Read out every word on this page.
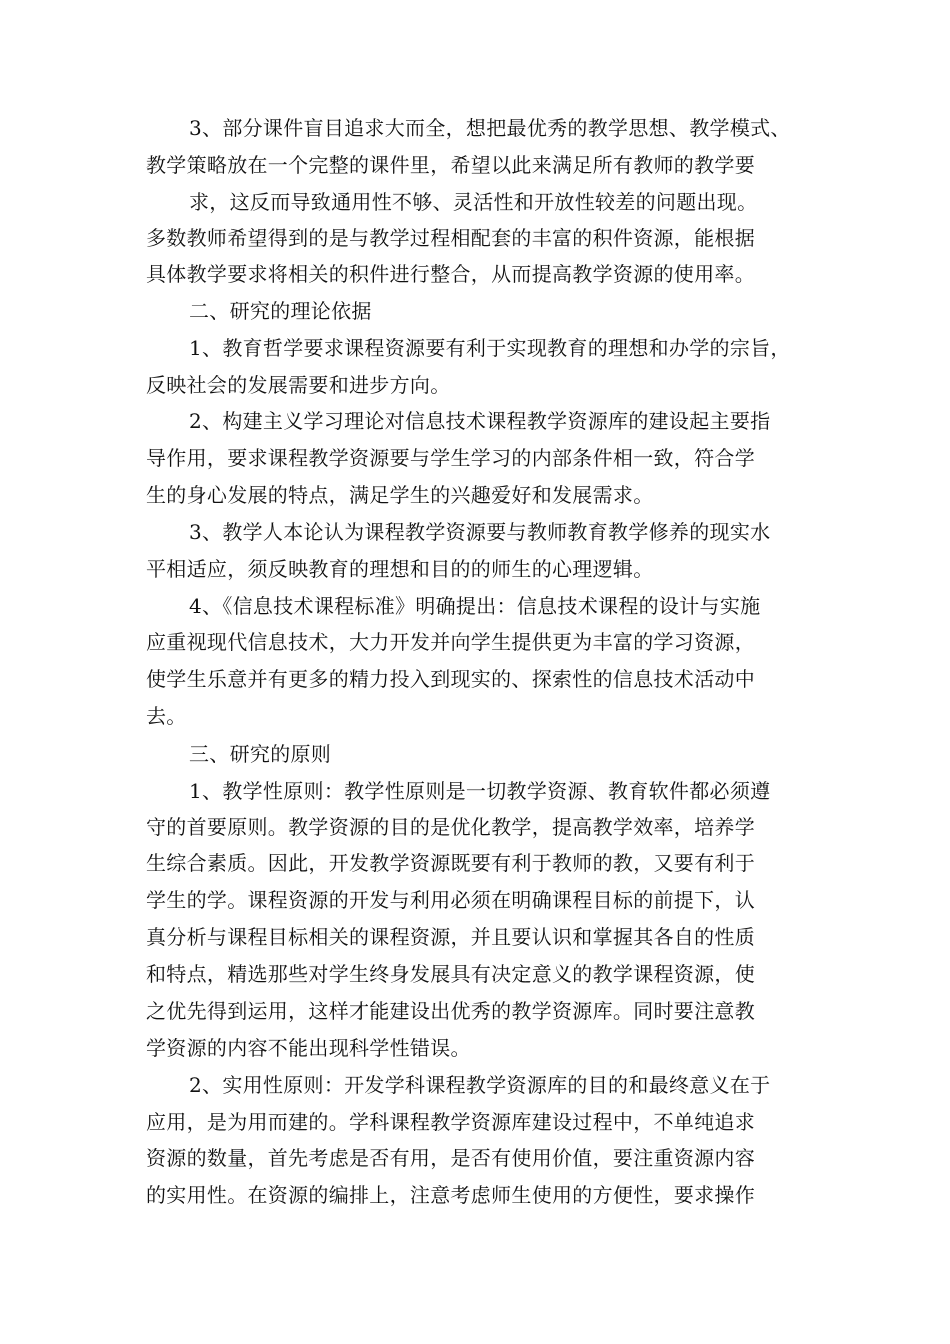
3、部分课件盲目追求大而全，想把最优秀的教学思想、教学模式、
教学策略放在一个完整的课件里，希望以此来满足所有教师的教学要
求，这反而导致通用性不够、灵活性和开放性较差的问题出现。
多数教师希望得到的是与教学过程相配套的丰富的积件资源，能根据
具体教学要求将相关的积件进行整合，从而提高教学资源的使用率。
二、研究的理论依据
1、教育哲学要求课程资源要有利于实现教育的理想和办学的宗旨，
反映社会的发展需要和进步方向。
2、构建主义学习理论对信息技术课程教学资源库的建设起主要指
导作用，要求课程教学资源要与学生学习的内部条件相一致，符合学
生的身心发展的特点，满足学生的兴趣爱好和发展需求。
3、教学人本论认为课程教学资源要与教师教育教学修养的现实水
平相适应，须反映教育的理想和目的的师生的心理逻辑。
4、《信息技术课程标准》明确提出：信息技术课程的设计与实施
应重视现代信息技术，大力开发并向学生提供更为丰富的学习资源，
使学生乐意并有更多的精力投入到现实的、探索性的信息技术活动中
去。
三、研究的原则
1、教学性原则：教学性原则是一切教学资源、教育软件都必须遵
守的首要原则。教学资源的目的是优化教学，提高教学效率，培养学
生综合素质。因此，开发教学资源既要有利于教师的教，又要有利于
学生的学。课程资源的开发与利用必须在明确课程目标的前提下，认
真分析与课程目标相关的课程资源，并且要认识和掌握其各自的性质
和特点，精选那些对学生终身发展具有决定意义的教学课程资源，使
之优先得到运用，这样才能建设出优秀的教学资源库。同时要注意教
学资源的内容不能出现科学性错误。
2、实用性原则：开发学科课程教学资源库的目的和最终意义在于
应用，是为用而建的。学科课程教学资源库建设过程中，不单纯追求
资源的数量，首先考虑是否有用，是否有使用价值，要注重资源内容
的实用性。在资源的编排上，注意考虑师生使用的方便性，要求操作
